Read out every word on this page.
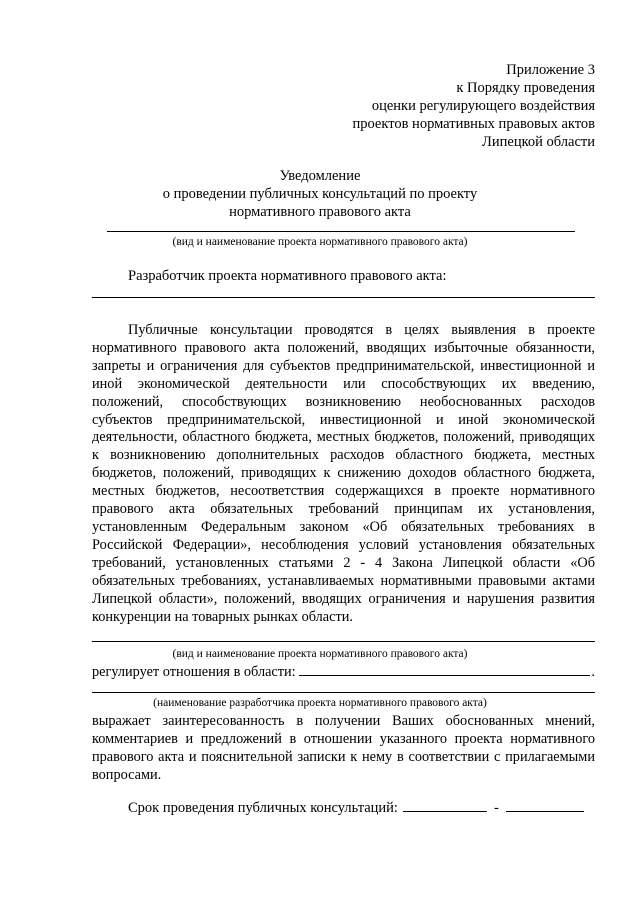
Приложение 3
к Порядку проведения
оценки регулирующего воздействия
проектов нормативных правовых актов
Липецкой области
Уведомление
о проведении публичных консультаций по проекту
нормативного правового акта
(вид и наименование проекта нормативного правового акта)
Разработчик проекта нормативного правового акта:
Публичные консультации проводятся в целях выявления в проекте нормативного правового акта положений, вводящих избыточные обязанности, запреты и ограничения для субъектов предпринимательской, инвестиционной и иной экономической деятельности или способствующих их введению, положений, способствующих возникновению необоснованных расходов субъектов предпринимательской, инвестиционной и иной экономической деятельности, областного бюджета, местных бюджетов, положений, приводящих к возникновению дополнительных расходов областного бюджета, местных бюджетов, положений, приводящих к снижению доходов областного бюджета, местных бюджетов, несоответствия содержащихся в проекте нормативного правового акта обязательных требований принципам их установления, установленным Федеральным законом «Об обязательных требованиях в Российской Федерации», несоблюдения условий установления обязательных требований, установленных статьями 2 - 4 Закона Липецкой области «Об обязательных требованиях, устанавливаемых нормативными правовыми актами Липецкой области», положений, вводящих ограничения и нарушения развития конкуренции на товарных рынках области.
(вид и наименование проекта нормативного правового акта)
регулирует отношения в области:	.
(наименование разработчика проекта нормативного правового акта)
выражает заинтересованность в получении Ваших обоснованных мнений, комментариев и предложений в отношении указанного проекта нормативного правового акта и пояснительной записки к нему в соответствии с прилагаемыми вопросами.
Срок проведения публичных консультаций:	-
